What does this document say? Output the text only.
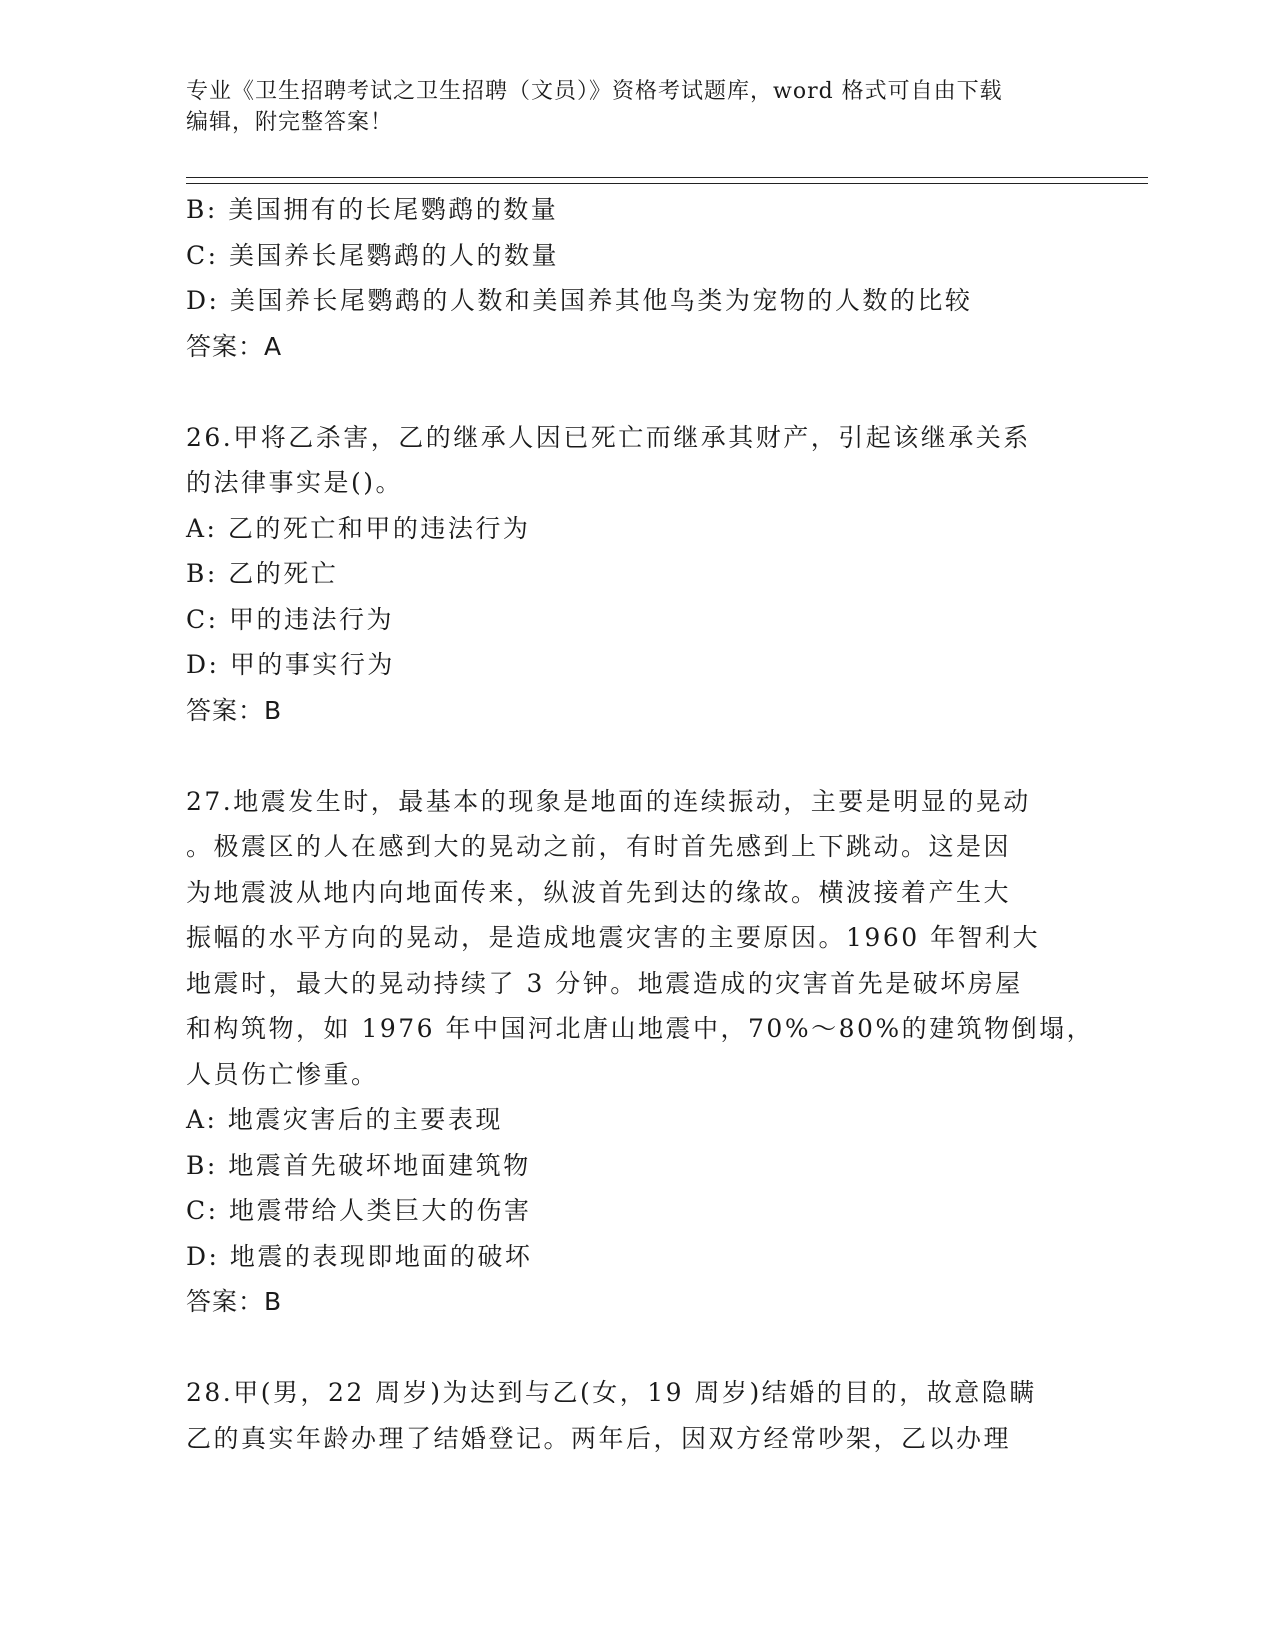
专业《卫生招聘考试之卫生招聘（文员）》资格考试题库，word 格式可自由下载
编辑，附完整答案！

B: 美国拥有的长尾鹦鹉的数量

C: 美国养长尾鹦鹉的人的数量

D: 美国养长尾鹦鹉的人数和美国养其他鸟类为宠物的人数的比较

答案：A

26.甲将乙杀害，乙的继承人因已死亡而继承其财产，引起该继承关系

的法律事实是()。

A: 乙的死亡和甲的违法行为

B: 乙的死亡

C: 甲的违法行为

D: 甲的事实行为

答案：B

27.地震发生时，最基本的现象是地面的连续振动，主要是明显的晃动

。极震区的人在感到大的晃动之前，有时首先感到上下跳动。这是因

为地震波从地内向地面传来，纵波首先到达的缘故。横波接着产生大

振幅的水平方向的晃动，是造成地震灾害的主要原因。1960 年智利大

地震时，最大的晃动持续了 3 分钟。地震造成的灾害首先是破坏房屋

和构筑物，如 1976 年中国河北唐山地震中，70%～80%的建筑物倒塌，

人员伤亡惨重。

A: 地震灾害后的主要表现

B: 地震首先破坏地面建筑物

C: 地震带给人类巨大的伤害

D: 地震的表现即地面的破坏

答案：B

28.甲(男，22 周岁)为达到与乙(女，19 周岁)结婚的目的，故意隐瞒

乙的真实年龄办理了结婚登记。两年后，因双方经常吵架，乙以办理
